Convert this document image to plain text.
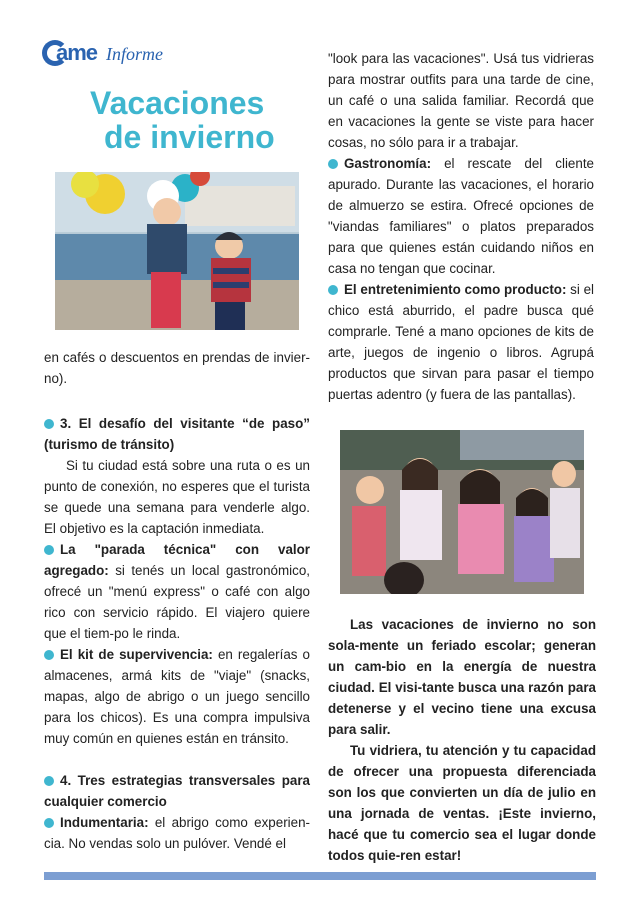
ame Informe
Vacaciones
de invierno

en cafés o descuentos en prendas de invier-no).

3. El desafío del visitante “de paso” (turismo de tránsito)

Si tu ciudad está sobre una ruta o es un punto de conexión, no esperes que el turista se quede una semana para venderle algo. El objetivo es la captación inmediata.

La "parada técnica" con valor agregado: si tenés un local gastronómico, ofrecé un "menú express" o café con algo rico con servicio rápido. El viajero quiere que el tiem-po le rinda.

El kit de supervivencia: en regalerías o almacenes, armá kits de "viaje" (snacks, mapas, algo de abrigo o un juego sencillo para los chicos). Es una compra impulsiva muy común en quienes están en tránsito.

4. Tres estrategias transversales para cualquier comercio

Indumentaria: el abrigo como experien-cia. No vendas solo un pulóver. Vendé el

"look para las vacaciones". Usá tus vidrieras para mostrar outfits para una tarde de cine, un café o una salida familiar. Recordá que en vacaciones la gente se viste para hacer cosas, no sólo para ir a trabajar.

Gastronomía: el rescate del cliente apurado. Durante las vacaciones, el horario de almuerzo se estira. Ofrecé opciones de "viandas familiares" o platos preparados para que quienes están cuidando niños en casa no tengan que cocinar.

El entretenimiento como producto: si el chico está aburrido, el padre busca qué comprarle. Tené a mano opciones de kits de arte, juegos de ingenio o libros. Agrupá productos que sirvan para pasar el tiempo puertas adentro (y fuera de las pantallas).

Las vacaciones de invierno no son sola-mente un feriado escolar; generan un cam-bio en la energía de nuestra ciudad. El visi-tante busca una razón para detenerse y el vecino tiene una excusa para salir.

Tu vidriera, tu atención y tu capacidad de ofrecer una propuesta diferenciada son los que convierten un día de julio en una jornada de ventas. ¡Este invierno, hacé que tu comercio sea el lugar donde todos quie-ren estar!
